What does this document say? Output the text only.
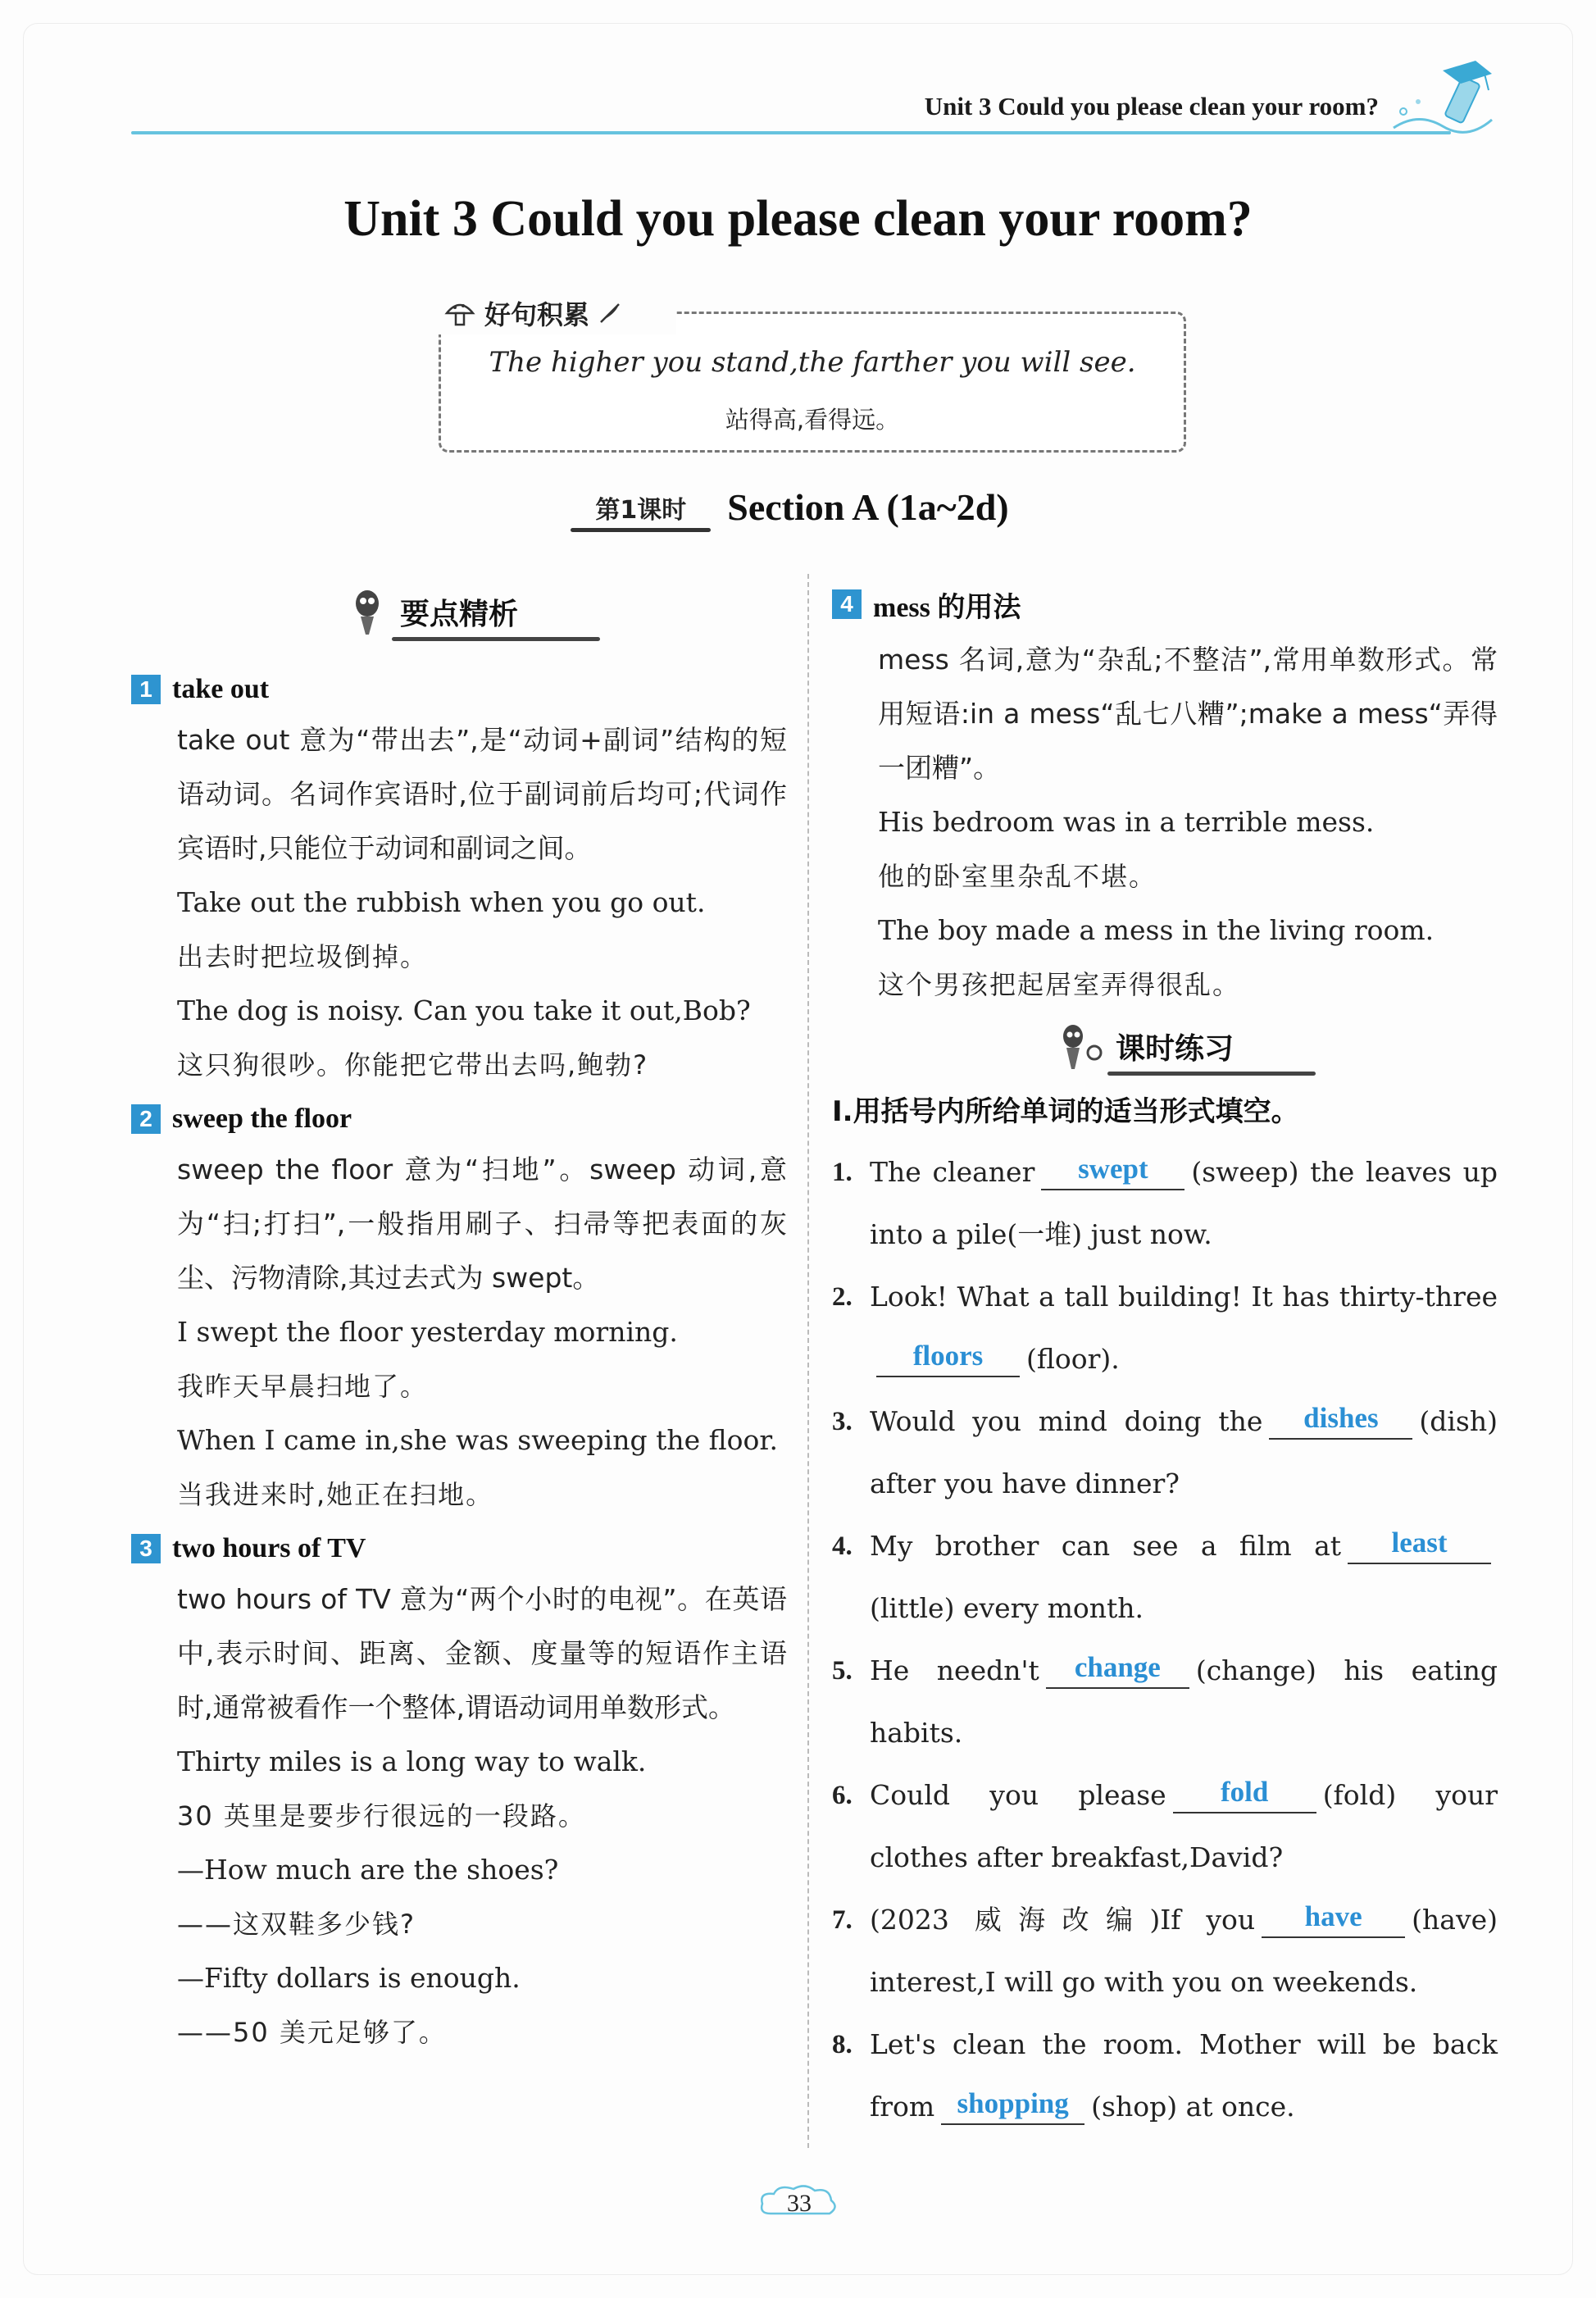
Unit 3 Could you please clean your room?
Unit 3 Could you please clean your room?
好句积累
The higher you stand,the farther you will see.
站得高,看得远。
第1课时 Section A (1a~2d)
要点精析
1 take out
take out 意为“带出去”,是“动词+副词”结构的短语动词。名词作宾语时,位于副词前后均可;代词作宾语时,只能位于动词和副词之间。
Take out the rubbish when you go out.
出去时把垃圾倒掉。
The dog is noisy. Can you take it out,Bob?
这只狗很吵。你能把它带出去吗,鲍勃?
2 sweep the floor
sweep the floor 意为“扫地”。sweep 动词,意为“扫;打扫”,一般指用刷子、扫帚等把表面的灰尘、污物清除,其过去式为 swept。
I swept the floor yesterday morning.
我昨天早晨扫地了。
When I came in,she was sweeping the floor.
当我进来时,她正在扫地。
3 two hours of TV
two hours of TV 意为“两个小时的电视”。在英语中,表示时间、距离、金额、度量等的短语作主语时,通常被看作一个整体,谓语动词用单数形式。
Thirty miles is a long way to walk.
30 英里是要步行很远的一段路。
—How much are the shoes?
——这双鞋多少钱?
—Fifty dollars is enough.
——50 美元足够了。
4 mess 的用法
mess 名词,意为“杂乱;不整洁”,常用单数形式。常用短语:in a mess“乱七八糟”;make a mess“弄得一团糟”。
His bedroom was in a terrible mess.
他的卧室里杂乱不堪。
The boy made a mess in the living room.
这个男孩把起居室弄得很乱。
课时练习
Ⅰ.用括号内所给单词的适当形式填空。
1. The cleaner swept (sweep) the leaves up into a pile(一堆) just now.
2. Look! What a tall building! It has thirty-threefloors (floor).
3. Would you mind doing the dishes (dish) after you have dinner?
4. My brother can see a film at least(little) every month.
5. He needn't change (change) his eating habits.
6. Could you please fold (fold) your clothes after breakfast,David?
7. (2023 威海改编)If you have (have) interest,I will go with you on weekends.
8. Let's clean the room. Mother will be back from shopping (shop) at once.
33
